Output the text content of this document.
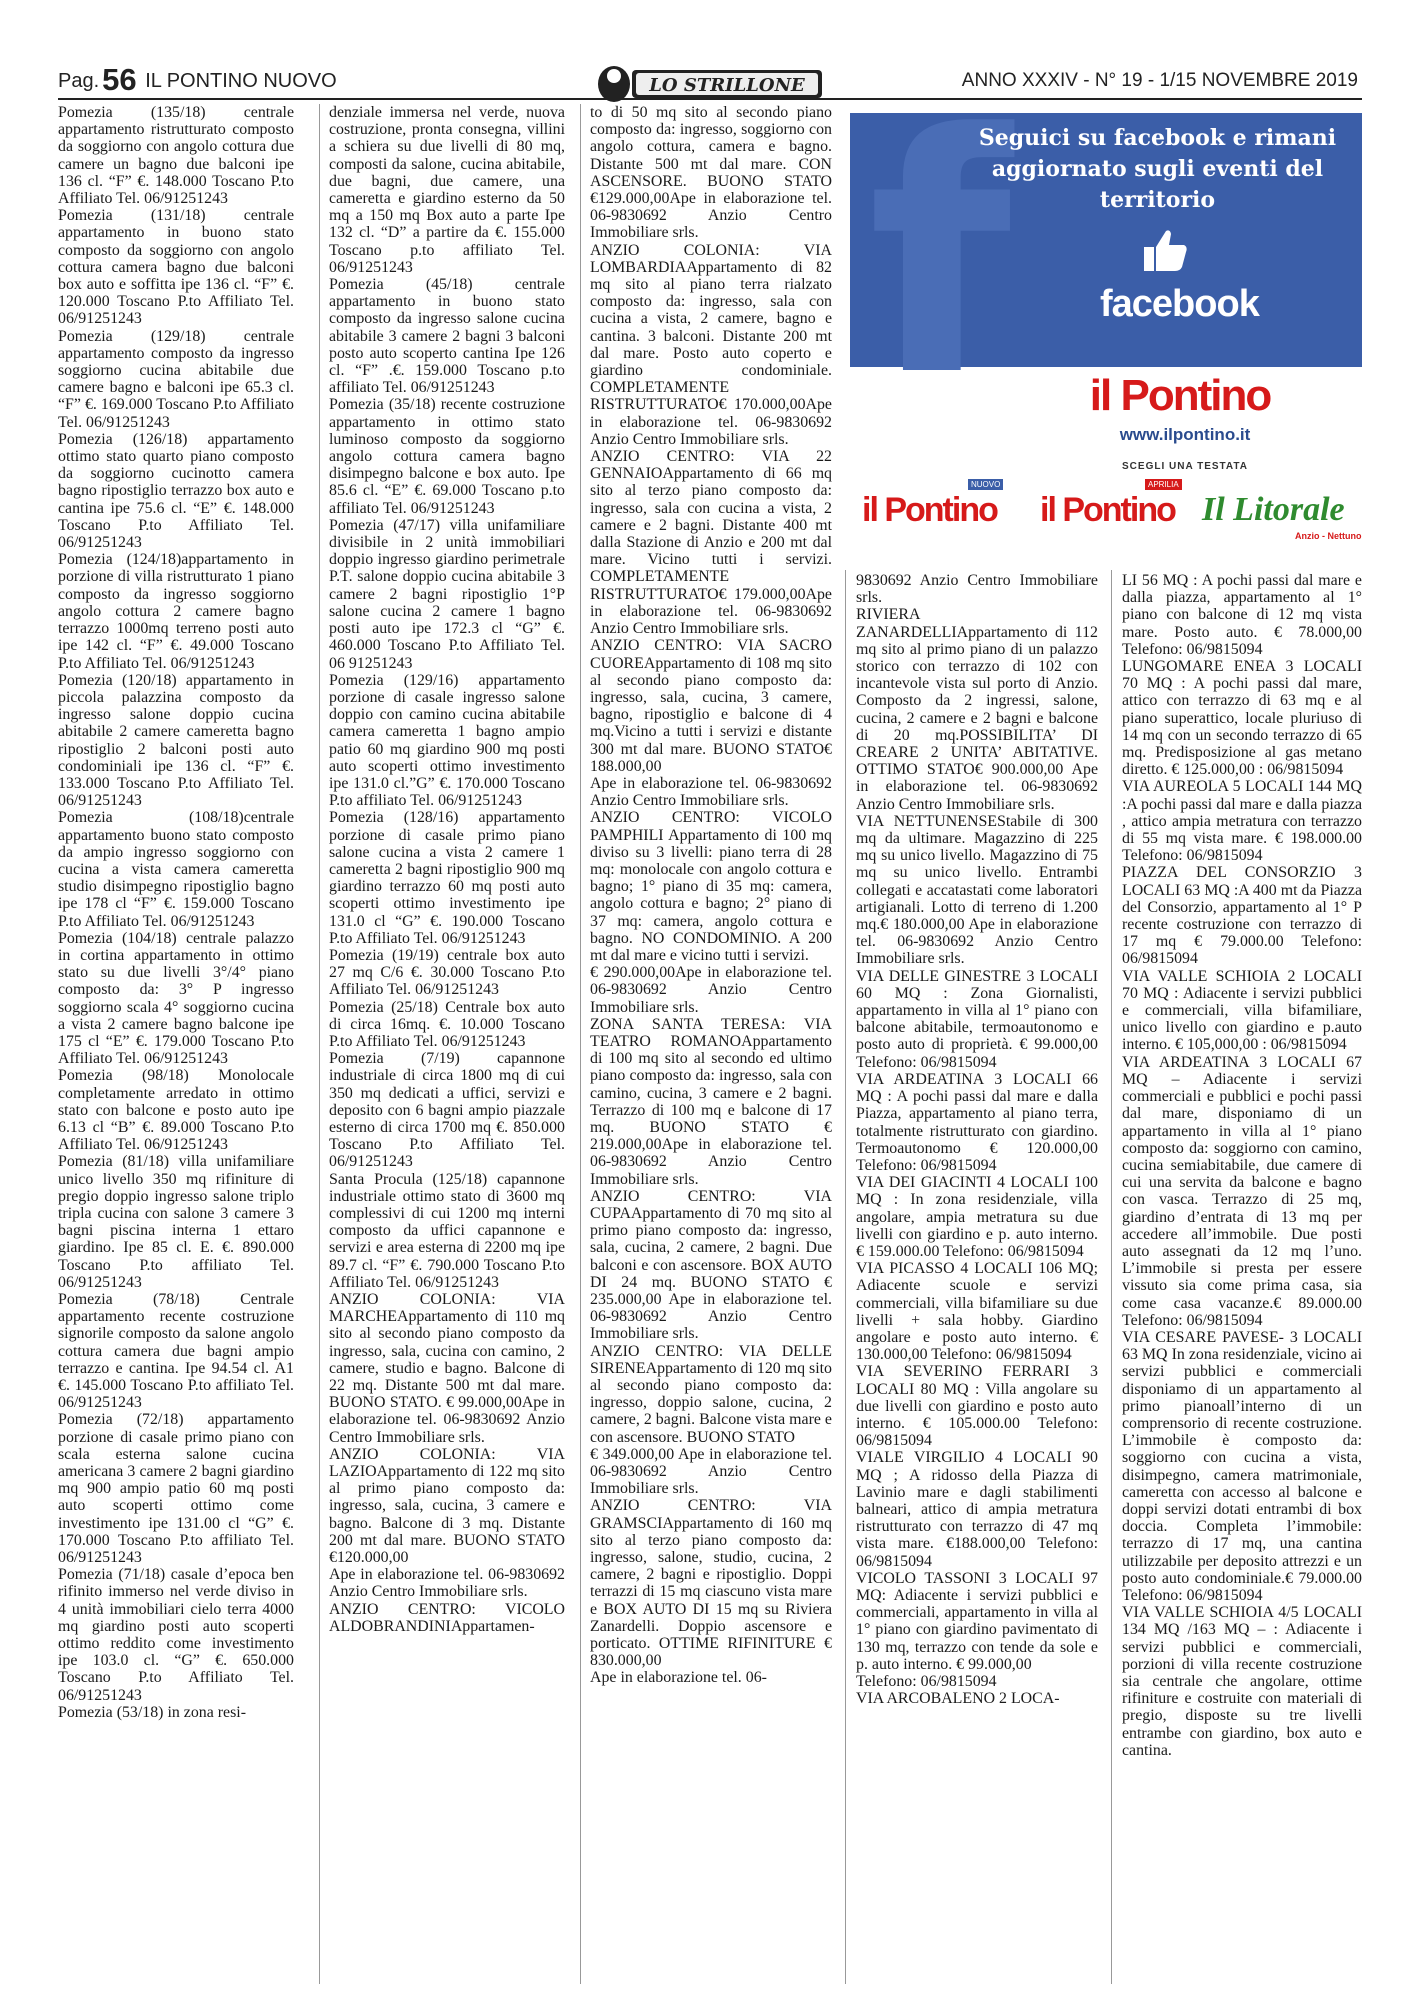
Pag.56 IL PONTINO NUOVO	LO STRILLONE	ANNO XXXIV - N° 19 - 1/15 NOVEMBRE 2019

Pomezia (135/18) centrale appartamento ristrutturato composto da soggiorno con angolo cottura due camere un bagno due balconi ipe 136 cl. “F” €. 148.000 Toscano P.to Affiliato Tel. 06/91251243

Pomezia (131/18) centrale appartamento in buono stato composto da soggiorno con angolo cottura camera bagno due balconi box auto e soffitta ipe 136 cl. “F” €. 120.000 Toscano P.to Affiliato Tel. 06/91251243

Pomezia (129/18) centrale appartamento composto da ingresso soggiorno cucina abitabile due camere bagno e balconi ipe 65.3 cl. “F” €. 169.000 Toscano P.to Affiliato Tel. 06/91251243

Pomezia (126/18) appartamento ottimo stato quarto piano composto da soggiorno cucinotto camera bagno ripostiglio terrazzo box auto e cantina ipe 75.6 cl. “E” €. 148.000 Toscano P.to Affiliato Tel. 06/91251243

Pomezia (124/18)appartamento in porzione di villa ristrutturato 1 piano composto da ingresso soggiorno angolo cottura 2 camere bagno terrazzo 1000mq terreno posti auto ipe 142 cl. “F” €. 49.000 Toscano P.to Affiliato Tel. 06/91251243

Pomezia (120/18) appartamento in piccola palazzina composto da ingresso salone doppio cucina abitabile 2 camere cameretta bagno ripostiglio 2 balconi posti auto condominiali ipe 136 cl. “F” €. 133.000 Toscano P.to Affiliato Tel. 06/91251243

Pomezia (108/18)centrale appartamento buono stato composto da ampio ingresso soggiorno con cucina a vista camera cameretta studio disimpegno ripostiglio bagno ipe 178 cl “F” €. 159.000 Toscano P.to Affiliato Tel. 06/91251243

Pomezia (104/18) centrale palazzo in cortina appartamento in ottimo stato su due livelli 3°/4° piano composto da: 3° P ingresso soggiorno scala 4° soggiorno cucina a vista 2 camere bagno balcone ipe 175 cl “E” €. 179.000 Toscano P.to Affiliato Tel. 06/91251243

Pomezia (98/18) Monolocale completamente arredato in ottimo stato con balcone e posto auto ipe 6.13 cl “B” €. 89.000 Toscano P.to Affiliato Tel. 06/91251243

Pomezia (81/18) villa unifamiliare unico livello 350 mq rifiniture di pregio doppio ingresso salone triplo tripla cucina con salone 3 camere 3 bagni piscina interna 1 ettaro giardino. Ipe 85 cl. E. €. 890.000 Toscano P.to affiliato Tel. 06/91251243

Pomezia (78/18) Centrale appartamento recente costruzione signorile composto da salone angolo cottura camera due bagni ampio terrazzo e cantina. Ipe 94.54 cl. A1 €. 145.000 Toscano P.to affiliato Tel. 06/91251243

Pomezia (72/18) appartamento porzione di casale primo piano con scala esterna salone cucina americana 3 camere 2 bagni giardino mq 900 ampio patio 60 mq posti auto scoperti ottimo come investimento ipe 131.00 cl “G” €. 170.000 Toscano P.to affiliato Tel. 06/91251243

Pomezia (71/18) casale d’epoca ben rifinito immerso nel verde diviso in 4 unità immobiliari cielo terra 4000 mq giardino posti auto scoperti ottimo reddito come investimento ipe 103.0 cl. “G” €. 650.000 Toscano P.to Affiliato Tel. 06/91251243

Pomezia (53/18) in zona resi-

denziale immersa nel verde, nuova costruzione, pronta consegna, villini a schiera su due livelli di 80 mq, composti da salone, cucina abitabile, due bagni, due camere, una cameretta e giardino esterno da 50 mq a 150 mq Box auto a parte Ipe 132 cl. “D” a partire da €. 155.000 Toscano p.to affiliato Tel. 06/91251243

Pomezia (45/18) centrale appartamento in buono stato composto da ingresso salone cucina abitabile 3 camere 2 bagni 3 balconi posto auto scoperto cantina Ipe 126 cl. “F” .€. 159.000 Toscano p.to affiliato Tel. 06/91251243

Pomezia (35/18) recente costruzione appartamento in ottimo stato luminoso composto da soggiorno angolo cottura camera bagno disimpegno balcone e box auto. Ipe 85.6 cl. “E” €. 69.000 Toscano p.to affiliato Tel. 06/91251243

Pomezia (47/17) villa unifamiliare divisibile in 2 unità immobiliari doppio ingresso giardino perimetrale P.T. salone doppio cucina abitabile 3 camere 2 bagni ripostiglio 1°P salone cucina 2 camere 1 bagno posti auto ipe 172.3 cl “G” €. 460.000 Toscano P.to Affiliato Tel. 06 91251243

Pomezia (129/16) appartamento porzione di casale ingresso salone doppio con camino cucina abitabile camera cameretta 1 bagno ampio patio 60 mq giardino 900 mq posti auto scoperti ottimo investimento ipe 131.0 cl.”G” €. 170.000 Toscano P.to affiliato Tel. 06/91251243

Pomezia (128/16) appartamento porzione di casale primo piano salone cucina a vista 2 camere 1 cameretta 2 bagni ripostiglio 900 mq giardino terrazzo 60 mq posti auto scoperti ottimo investimento ipe 131.0 cl “G” €. 190.000 Toscano P.to Affiliato Tel. 06/91251243

Pomezia (19/19) centrale box auto 27 mq C/6 €. 30.000 Toscano P.to Affiliato Tel. 06/91251243

Pomezia (25/18) Centrale box auto di circa 16mq. €. 10.000 Toscano P.to Affiliato Tel. 06/91251243

Pomezia (7/19) capannone industriale di circa 1800 mq di cui 350 mq dedicati a uffici, servizi e deposito con 6 bagni ampio piazzale esterno di circa 1700 mq €. 850.000 Toscano P.to Affiliato Tel. 06/91251243

Santa Procula (125/18) capannone industriale ottimo stato di 3600 mq complessivi di cui 1200 mq interni composto da uffici capannone e servizi e area esterna di 2200 mq ipe 89.7 cl. “F” €. 790.000 Toscano P.to Affiliato Tel. 06/91251243

ANZIO COLONIA: VIA MARCHEAppartamento di 110 mq sito al secondo piano composto da ingresso, sala, cucina con camino, 2 camere, studio e bagno. Balcone di 22 mq. Distante 500 mt dal mare. BUONO STATO. € 99.000,00Ape in elaborazione tel. 06-9830692 Anzio Centro Immobiliare srls.

ANZIO COLONIA: VIA LAZIOAppartamento di 122 mq sito al primo piano composto da: ingresso, sala, cucina, 3 camere e bagno. Balcone di 3 mq. Distante 200 mt dal mare. BUONO STATO €120.000,00

Ape in elaborazione tel. 06-9830692 Anzio Centro Immobiliare srls.

ANZIO CENTRO: VICOLO ALDOBRANDINIAppartamen-

to di 50 mq sito al secondo piano composto da: ingresso, soggiorno con angolo cottura, camera e bagno. Distante 500 mt dal mare. CON ASCENSORE. BUONO STATO €129.000,00Ape in elaborazione tel. 06-9830692 Anzio Centro Immobiliare srls.

ANZIO COLONIA: VIA LOMBARDIAAppartamento di 82 mq sito al piano terra rialzato composto da: ingresso, sala con cucina a vista, 2 camere, bagno e cantina. 3 balconi. Distante 200 mt dal mare. Posto auto coperto e giardino condominiale. COMPLETAMENTE RISTRUTTURATO€ 170.000,00Ape in elaborazione tel. 06-9830692 Anzio Centro Immobiliare srls.

ANZIO CENTRO: VIA 22 GENNAIOAppartamento di 66 mq sito al terzo piano composto da: ingresso, sala con cucina a vista, 2 camere e 2 bagni. Distante 400 mt dalla Stazione di Anzio e 200 mt dal mare. Vicino tutti i servizi. COMPLETAMENTE RISTRUTTURATO€ 179.000,00Ape in elaborazione tel. 06-9830692 Anzio Centro Immobiliare srls.

ANZIO CENTRO: VIA SACRO CUOREAppartamento di 108 mq sito al secondo piano composto da: ingresso, sala, cucina, 3 camere, bagno, ripostiglio e balcone di 4 mq.Vicino a tutti i servizi e distante 300 mt dal mare. BUONO STATO€ 188.000,00

Ape in elaborazione tel. 06-9830692 Anzio Centro Immobiliare srls.

ANZIO CENTRO: VICOLO PAMPHILI Appartamento di 100 mq diviso su 3 livelli: piano terra di 28 mq: monolocale con angolo cottura e bagno; 1° piano di 35 mq: camera, angolo cottura e bagno; 2° piano di 37 mq: camera, angolo cottura e bagno. NO CONDOMINIO. A 200 mt dal mare e vicino tutti i servizi.

€ 290.000,00Ape in elaborazione tel. 06-9830692 Anzio Centro Immobiliare srls.

ZONA SANTA TERESA: VIA TEATRO ROMANOAppartamento di 100 mq sito al secondo ed ultimo piano composto da: ingresso, sala con camino, cucina, 3 camere e 2 bagni. Terrazzo di 100 mq e balcone di 17 mq. BUONO STATO € 219.000,00Ape in elaborazione tel. 06-9830692 Anzio Centro Immobiliare srls.

ANZIO CENTRO: VIA CUPAAppartamento di 70 mq sito al primo piano composto da: ingresso, sala, cucina, 2 camere, 2 bagni. Due balconi e con ascensore. BOX AUTO DI 24 mq. BUONO STATO € 235.000,00 Ape in elaborazione tel. 06-9830692 Anzio Centro Immobiliare srls.

ANZIO CENTRO: VIA DELLE SIRENEAppartamento di 120 mq sito al secondo piano composto da: ingresso, doppio salone, cucina, 2 camere, 2 bagni. Balcone vista mare e con ascensore. BUONO STATO

€ 349.000,00 Ape in elaborazione tel. 06-9830692 Anzio Centro Immobiliare srls.

ANZIO CENTRO: VIA GRAMSCIAppartamento di 160 mq sito al terzo piano composto da: ingresso, salone, studio, cucina, 2 camere, 2 bagni e ripostiglio. Doppi terrazzi di 15 mq ciascuno vista mare e BOX AUTO DI 15 mq su Riviera Zanardelli. Doppio ascensore e porticato. OTTIME RIFINITURE € 830.000,00

Ape in elaborazione tel. 06-

9830692 Anzio Centro Immobiliare srls.

RIVIERA ZANARDELLIAppartamento di 112 mq sito al primo piano di un palazzo storico con terrazzo di 102 con incantevole vista sul porto di Anzio. Composto da 2 ingressi, salone, cucina, 2 camere e 2 bagni e balcone di 20 mq.POSSIBILITA’ DI CREARE 2 UNITA’ ABITATIVE. OTTIMO STATO€ 900.000,00 Ape in elaborazione tel. 06-9830692 Anzio Centro Immobiliare srls.

VIA NETTUNENSEStabile di 300 mq da ultimare. Magazzino di 225 mq su unico livello. Magazzino di 75 mq su unico livello. Entrambi collegati e accatastati come laboratori artigianali. Lotto di terreno di 1.200 mq.€ 180.000,00 Ape in elaborazione tel. 06-9830692 Anzio Centro Immobiliare srls.

VIA DELLE GINESTRE 3 LOCALI 60 MQ : Zona Giornalisti, appartamento in villa al 1° piano con balcone abitabile, termoautonomo e posto auto di proprietà. € 99.000,00 Telefono: 06/9815094

VIA ARDEATINA 3 LOCALI 66 MQ : A pochi passi dal mare e dalla Piazza, appartamento al piano terra, totalmente ristrutturato con giardino. Termoautonomo € 120.000,00 Telefono: 06/9815094

VIA DEI GIACINTI 4 LOCALI 100 MQ : In zona residenziale, villa angolare, ampia metratura su due livelli con giardino e p. auto interno. € 159.000.00 Telefono: 06/9815094

VIA PICASSO 4 LOCALI 106 MQ; Adiacente scuole e servizi commerciali, villa bifamiliare su due livelli + sala hobby. Giardino angolare e posto auto interno. € 130.000,00 Telefono: 06/9815094

VIA SEVERINO FERRARI 3 LOCALI 80 MQ : Villa angolare su due livelli con giardino e posto auto interno. € 105.000.00 Telefono: 06/9815094

VIALE VIRGILIO 4 LOCALI 90 MQ ; A ridosso della Piazza di Lavinio mare e dagli stabilimenti balneari, attico di ampia metratura ristrutturato con terrazzo di 47 mq vista mare. €188.000,00 Telefono: 06/9815094

VICOLO TASSONI 3 LOCALI 97 MQ: Adiacente i servizi pubblici e commerciali, appartamento in villa al 1° piano con giardino pavimentato di 130 mq, terrazzo con tende da sole e p. auto interno. € 99.000,00

Telefono: 06/9815094

VIA ARCOBALENO 2 LOCA-

LI 56 MQ : A pochi passi dal mare e dalla piazza, appartamento al 1° piano con balcone di 12 mq vista mare. Posto auto. € 78.000,00 Telefono: 06/9815094

LUNGOMARE ENEA 3 LOCALI 70 MQ : A pochi passi dal mare, attico con terrazzo di 63 mq e al piano superattico, locale pluriuso di 14 mq con un secondo terrazzo di 65 mq. Predisposizione al gas metano diretto. € 125.000,00 : 06/9815094

VIA AUREOLA 5 LOCALI 144 MQ :A pochi passi dal mare e dalla piazza , attico ampia metratura con terrazzo di 55 mq vista mare. € 198.000.00 Telefono: 06/9815094

PIAZZA DEL CONSORZIO 3 LOCALI 63 MQ :A 400 mt da Piazza del Consorzio, appartamento al 1° P recente costruzione con terrazzo di 17 mq € 79.000.00 Telefono: 06/9815094

VIA VALLE SCHIOIA 2 LOCALI 70 MQ : Adiacente i servizi pubblici e commerciali, villa bifamiliare, unico livello con giardino e p.auto interno. € 105,000,00 : 06/9815094

VIA ARDEATINA 3 LOCALI 67 MQ – Adiacente i servizi commerciali e pubblici e pochi passi dal mare, disponiamo di un appartamento in villa al 1° piano composto da: soggiorno con camino, cucina semiabitabile, due camere di cui una servita da balcone e bagno con vasca. Terrazzo di 25 mq, giardino d’entrata di 13 mq per accedere all’immobile. Due posti auto assegnati da 12 mq l’uno. L’immobile si presta per essere vissuto sia come prima casa, sia come casa vacanze.€ 89.000.00 Telefono: 06/9815094

VIA CESARE PAVESE- 3 LOCALI 63 MQ In zona residenziale, vicino ai servizi pubblici e commerciali disponiamo di un appartamento al primo pianoall’interno di un comprensorio di recente costruzione. L’immobile è composto da: soggiorno con cucina a vista, disimpegno, camera matrimoniale, cameretta con accesso al balcone e doppi servizi dotati entrambi di box doccia. Completa l’immobile: terrazzo di 17 mq, una cantina utilizzabile per deposito attrezzi e un posto auto condominiale.€ 79.000.00 Telefono: 06/9815094

VIA VALLE SCHIOIA 4/5 LOCALI 134 MQ /163 MQ – : Adiacente i servizi pubblici e commerciali, porzioni di villa recente costruzione sia centrale che angolare, ottime rifiniture e costruite con materiali di pregio, disposte su tre livelli entrambe con giardino, box auto e cantina.

f
Seguici su facebook e rimani aggiornato sugli eventi del territorio
facebook
il Pontino
www.ilpontino.it
SCEGLI UNA TESTATA
il Pontino
NUOVO
il Pontino
APRILIA
Il Litorale
Anzio - Nettuno
